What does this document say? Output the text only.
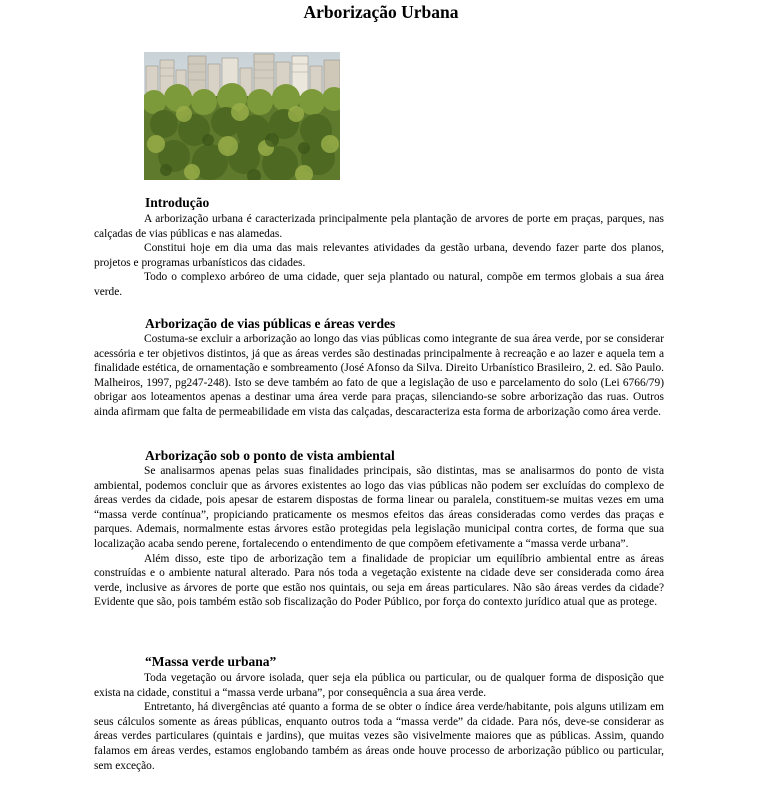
Arborização Urbana
Introdução

A arborização urbana é caracterizada principalmente pela plantação de arvores de porte em praças, parques, nas calçadas de vias públicas e nas alamedas.

Constitui hoje em dia uma das mais relevantes atividades da gestão urbana, devendo fazer parte dos planos, projetos e programas urbanísticos das cidades.

Todo o complexo arbóreo de uma cidade, quer seja plantado ou natural, compõe em termos globais a sua área verde.

Arborização de vias públicas e áreas verdes

Costuma-se excluir a arborização ao longo das vias públicas como integrante de sua área verde, por se considerar acessória e ter objetivos distintos, já que as áreas verdes são destinadas principalmente à recreação e ao lazer e aquela tem a finalidade estética, de ornamentação e sombreamento (José Afonso da Silva. Direito Urbanístico Brasileiro, 2. ed. São Paulo. Malheiros, 1997, pg247-248). Isto se deve também ao fato de que a legislação de uso e parcelamento do solo (Lei 6766/79) obrigar aos loteamentos apenas a destinar uma área verde para praças, silenciando-se sobre arborização das ruas. Outros ainda afirmam que falta de permeabilidade em vista das calçadas, descaracteriza esta forma de arborização como área verde.

Arborização sob o ponto de vista ambiental

Se analisarmos apenas pelas suas finalidades principais, são distintas, mas se analisarmos do ponto de vista ambiental, podemos concluir que as árvores existentes ao logo das vias públicas não podem ser excluídas do complexo de áreas verdes da cidade, pois apesar de estarem dispostas de forma linear ou paralela, constituem-se muitas vezes em uma “massa verde contínua”, propiciando praticamente os mesmos efeitos das áreas consideradas como verdes das praças e parques. Ademais, normalmente estas árvores estão protegidas pela legislação municipal contra cortes, de forma que sua localização acaba sendo perene, fortalecendo o entendimento de que compõem efetivamente a “massa verde urbana”.

Além disso, este tipo de arborização tem a finalidade de propiciar um equilíbrio ambiental entre as áreas construídas e o ambiente natural alterado. Para nós toda a vegetação existente na cidade deve ser considerada como área verde, inclusive as árvores de porte que estão nos quintais, ou seja em áreas particulares. Não são áreas verdes da cidade? Evidente que são, pois também estão sob fiscalização do Poder Público, por força do contexto jurídico atual que as protege.

“Massa verde urbana”

Toda vegetação ou árvore isolada, quer seja ela pública ou particular, ou de qualquer forma de disposição que exista na cidade, constitui a “massa verde urbana”, por consequência a sua área verde.

Entretanto, há divergências até quanto a forma de se obter o índice área verde/habitante, pois alguns utilizam em seus cálculos somente as áreas públicas, enquanto outros toda a “massa verde” da cidade. Para nós, deve-se considerar as áreas verdes particulares (quintais e jardins), que muitas vezes são visivelmente maiores que as públicas. Assim, quando falamos em áreas verdes, estamos englobando também as áreas onde houve processo de arborização público ou particular, sem exceção.
